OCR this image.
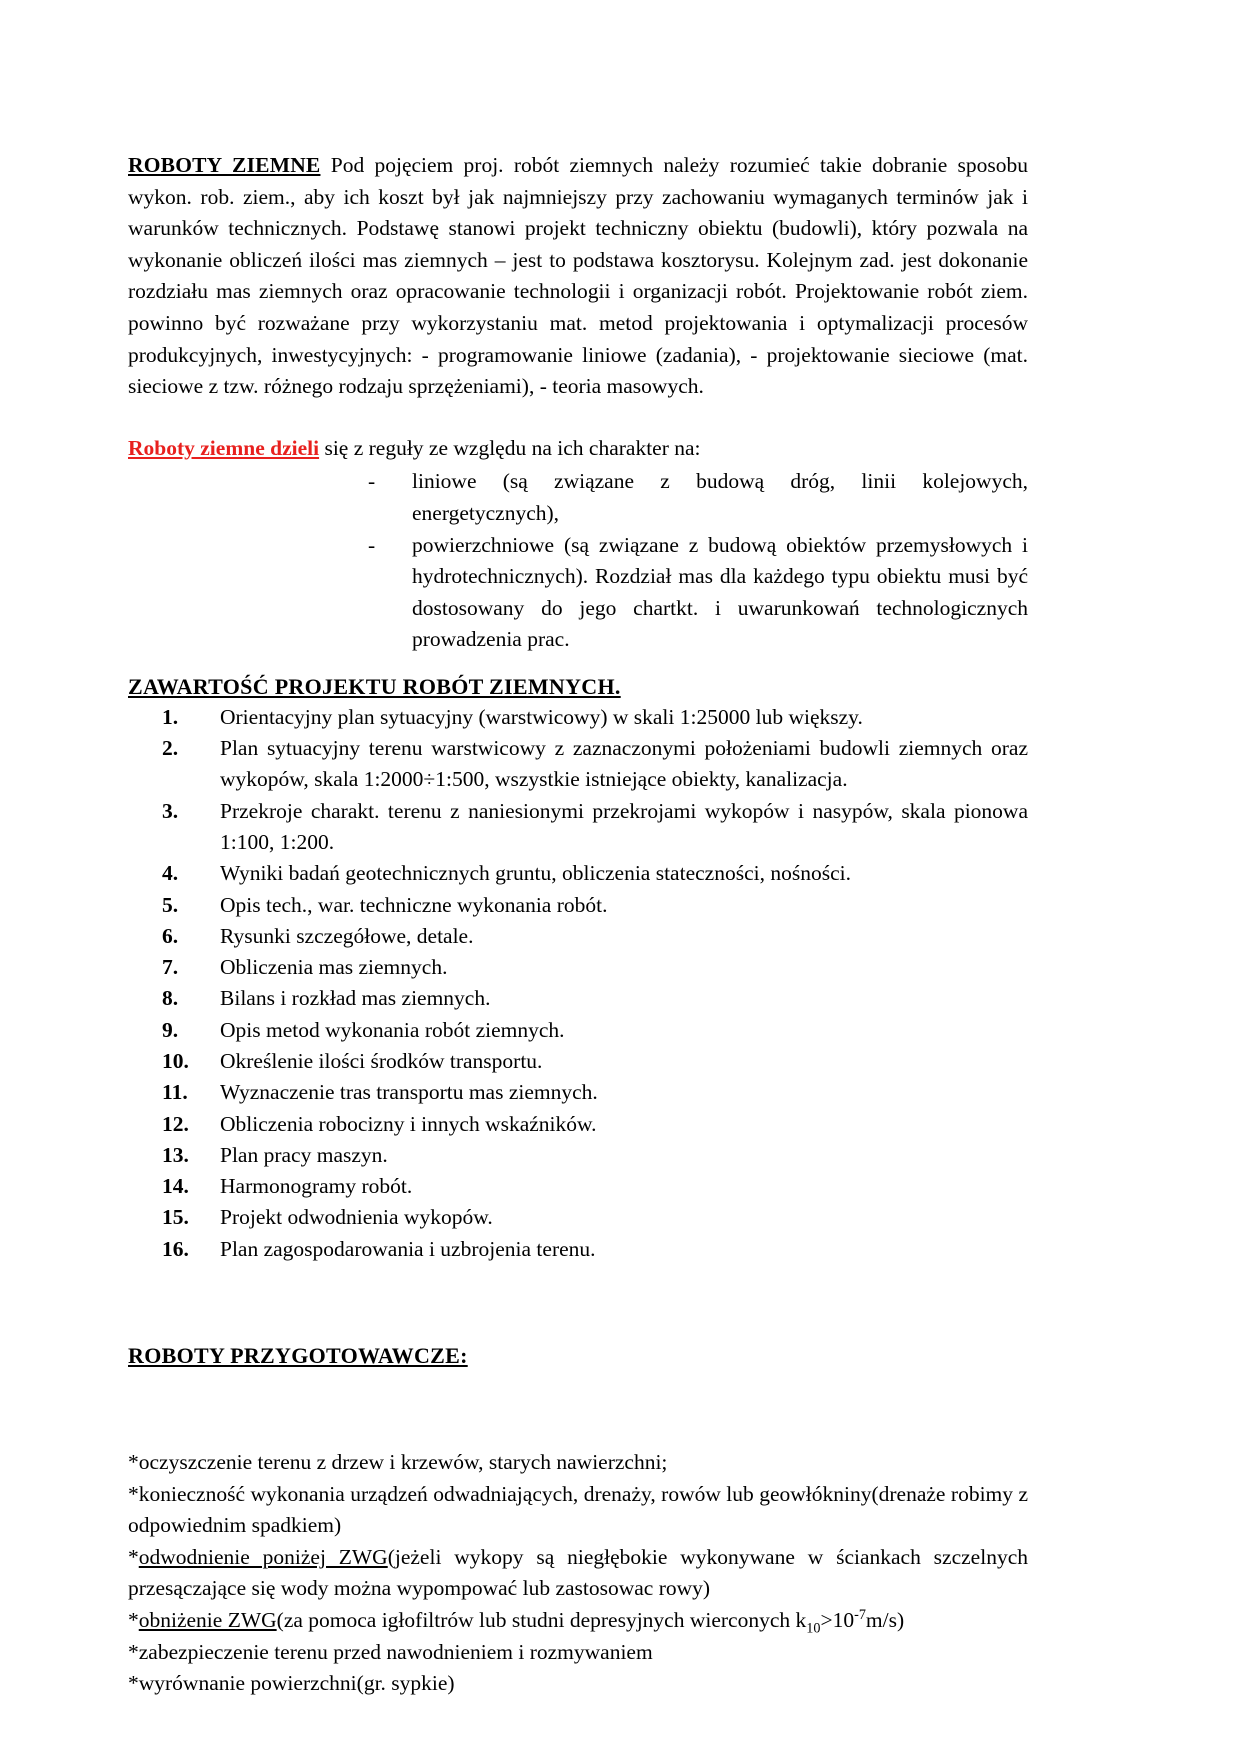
ROBOTY ZIEMNE Pod pojęciem proj. robót ziemnych należy rozumieć takie dobranie sposobu wykon. rob. ziem., aby ich koszt był jak najmniejszy przy zachowaniu wymaganych terminów jak i warunków technicznych. Podstawę stanowi projekt techniczny obiektu (budowli), który pozwala na wykonanie obliczeń ilości mas ziemnych – jest to podstawa kosztorysu. Kolejnym zad. jest dokonanie rozdziału mas ziemnych oraz opracowanie technologii i organizacji robót. Projektowanie robót ziem. powinno być rozważane przy wykorzystaniu mat. metod projektowania i optymalizacji procesów produkcyjnych, inwestycyjnych: - programowanie liniowe (zadania), - projektowanie sieciowe (mat. sieciowe z tzw. różnego rodzaju sprzężeniami), - teoria masowych.

Roboty ziemne dzieli się z reguły ze względu na ich charakter na:

- liniowe (są związane z budową dróg, linii kolejowych, energetycznych),
- powierzchniowe (są związane z budową obiektów przemysłowych i hydrotechnicznych). Rozdział mas dla każdego typu obiektu musi być dostosowany do jego chartkt. i uwarunkowań technologicznych prowadzenia prac.

ZAWARTOŚĆ PROJEKTU ROBÓT ZIEMNYCH.

1.	Orientacyjny plan sytuacyjny (warstwicowy) w skali 1:25000 lub większy.
2.	Plan sytuacyjny terenu warstwicowy z zaznaczonymi położeniami budowli ziemnych oraz wykopów, skala 1:2000÷1:500, wszystkie istniejące obiekty, kanalizacja.
3.	Przekroje charakt. terenu z naniesionymi przekrojami wykopów i nasypów, skala pionowa 1:100, 1:200.
4.	Wyniki badań geotechnicznych gruntu, obliczenia stateczności, nośności.
5.	Opis tech., war. techniczne wykonania robót.
6.	Rysunki szczegółowe, detale.
7.	Obliczenia mas ziemnych.
8.	Bilans i rozkład mas ziemnych.
9.	Opis metod wykonania robót ziemnych.
10.	Określenie ilości środków transportu.
11.	Wyznaczenie tras transportu mas ziemnych.
12.	Obliczenia robocizny i innych wskaźników.
13.	Plan pracy maszyn.
14.	Harmonogramy robót.
15.	Projekt odwodnienia wykopów.
16.	Plan zagospodarowania i uzbrojenia terenu.

ROBOTY PRZYGOTOWAWCZE:

*oczyszczenie terenu z drzew i krzewów, starych nawierzchni;

*konieczność wykonania urządzeń odwadniających, drenaży, rowów lub geowłókniny(drenaże robimy z odpowiednim spadkiem)

*odwodnienie poniżej ZWG(jeżeli wykopy są niegłębokie wykonywane w ściankach szczelnych przesączające się wody można wypompować lub zastosowac rowy)

*obniżenie ZWG(za pomoca igłofiltrów lub studni depresyjnych wierconych $k_{10}>10^{-7}m/s$)

*zabezpieczenie terenu przed nawodnieniem i rozmywaniem

*wyrównanie powierzchni(gr. sypkie)
